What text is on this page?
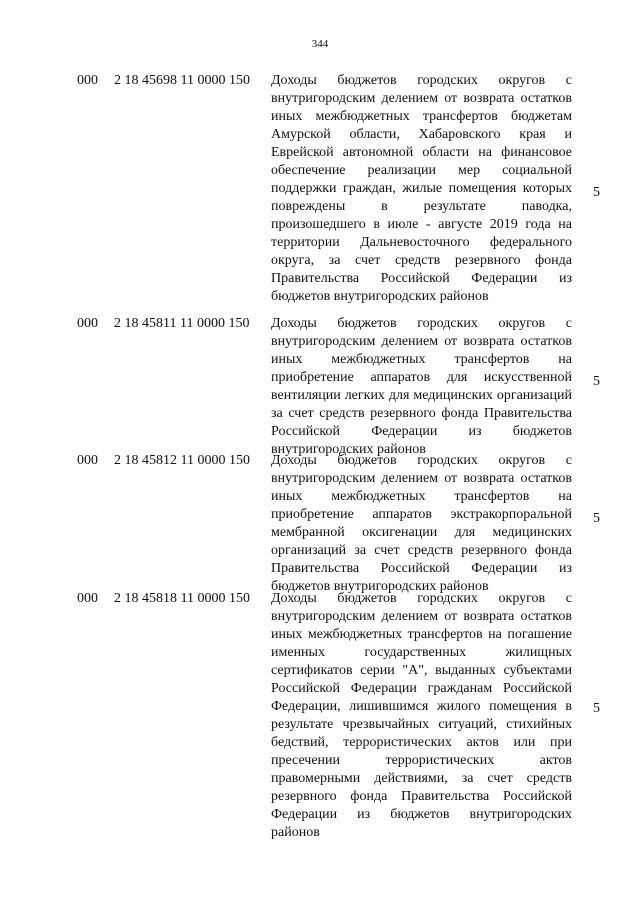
344
000 2 18 45698 11 0000 150 Доходы бюджетов городских округов с внутригородским делением от возврата остатков иных межбюджетных трансфертов бюджетам Амурской области, Хабаровского края и Еврейской автономной области на финансовое обеспечение реализации мер социальной поддержки граждан, жилые помещения которых повреждены в результате паводка, произошедшего в июле - августе 2019 года на территории Дальневосточного федерального округа, за счет средств резервного фонда Правительства Российской Федерации из бюджетов внутригородских районов
5
000 2 18 45811 11 0000 150 Доходы бюджетов городских округов с внутригородским делением от возврата остатков иных межбюджетных трансфертов на приобретение аппаратов для искусственной вентиляции легких для медицинских организаций за счет средств резервного фонда Правительства Российской Федерации из бюджетов внутригородских районов
5
000 2 18 45812 11 0000 150 Доходы бюджетов городских округов с внутригородским делением от возврата остатков иных межбюджетных трансфертов на приобретение аппаратов экстракорпоральной мембранной оксигенации для медицинских организаций за счет средств резервного фонда Правительства Российской Федерации из бюджетов внутригородских районов
5
000 2 18 45818 11 0000 150 Доходы бюджетов городских округов с внутригородским делением от возврата остатков иных межбюджетных трансфертов на погашение именных государственных жилищных сертификатов серии "А", выданных субъектами Российской Федерации гражданам Российской Федерации, лишившимся жилого помещения в результате чрезвычайных ситуаций, стихийных бедствий, террористических актов или при пресечении террористических актов правомерными действиями, за счет средств резервного фонда Правительства Российской Федерации из бюджетов внутригородских районов
5
